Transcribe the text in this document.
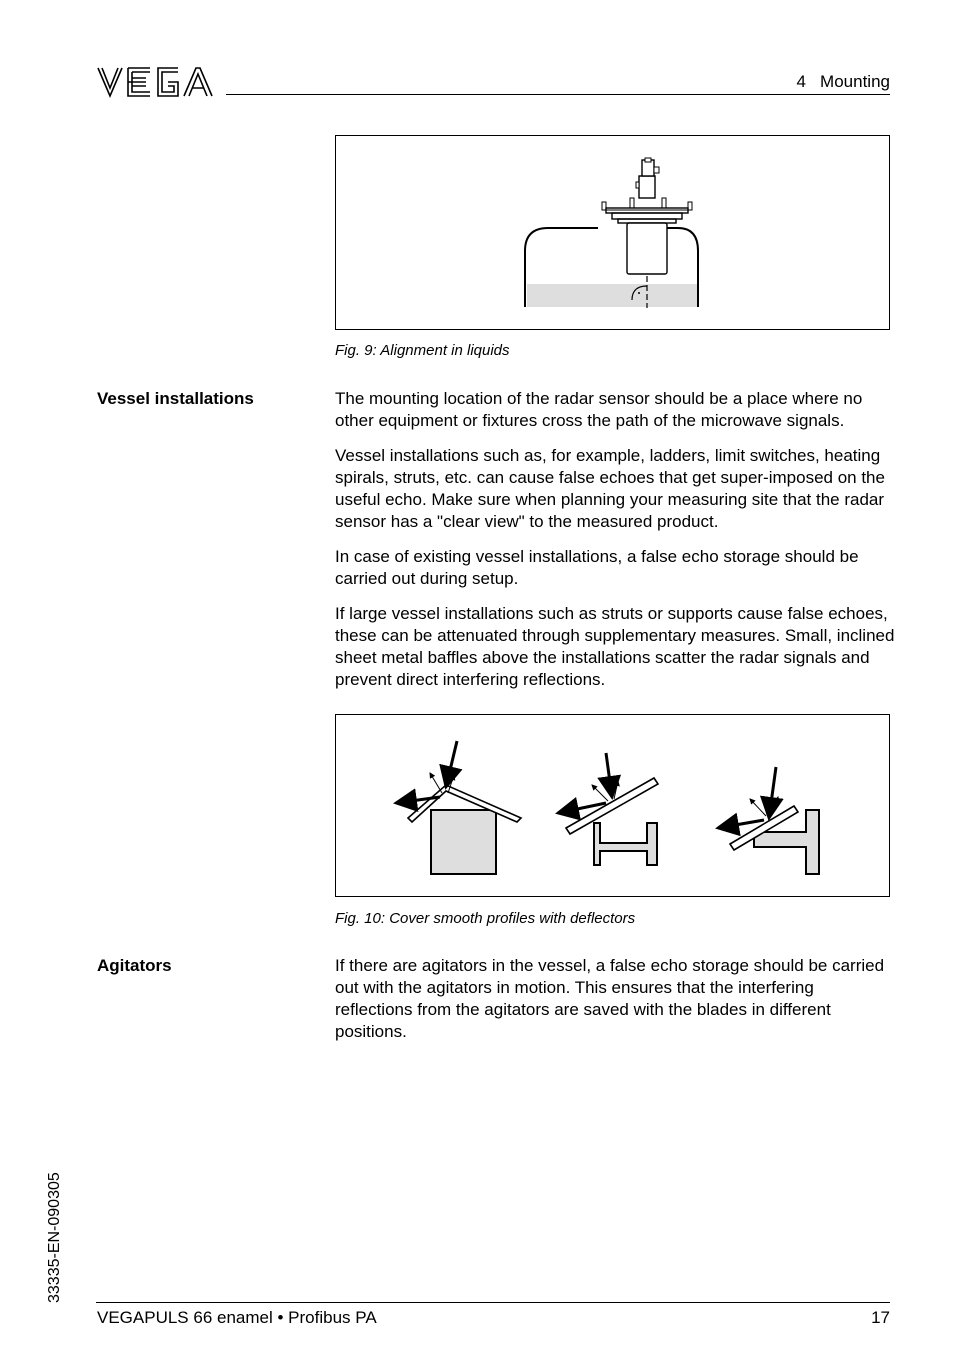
4   Mounting
Fig. 9: Alignment in liquids
Vessel installations	The mounting location of the radar sensor should be a place where no other equipment or fixtures cross the path of the microwave signals.

Vessel installations such as, for example, ladders, limit switches, heating spirals, struts, etc. can cause false echoes that get super-imposed on the useful echo. Make sure when planning your measuring site that the radar sensor has a "clear view" to the measured product.

In case of existing vessel installations, a false echo storage should be carried out during setup.

If large vessel installations such as struts or supports cause false echoes, these can be attenuated through supplementary measures. Small, inclined sheet metal baffles above the installations scatter the radar signals and prevent direct interfering reflections.

Fig. 10: Cover smooth profiles with deflectors
Agitators	If there are agitators in the vessel, a false echo storage should be carried out with the agitators in motion. This ensures that the interfering reflections from the agitators are saved with the blades in different positions.

33335-EN-090305
VEGAPULS 66 enamel • Profibus PA	17
